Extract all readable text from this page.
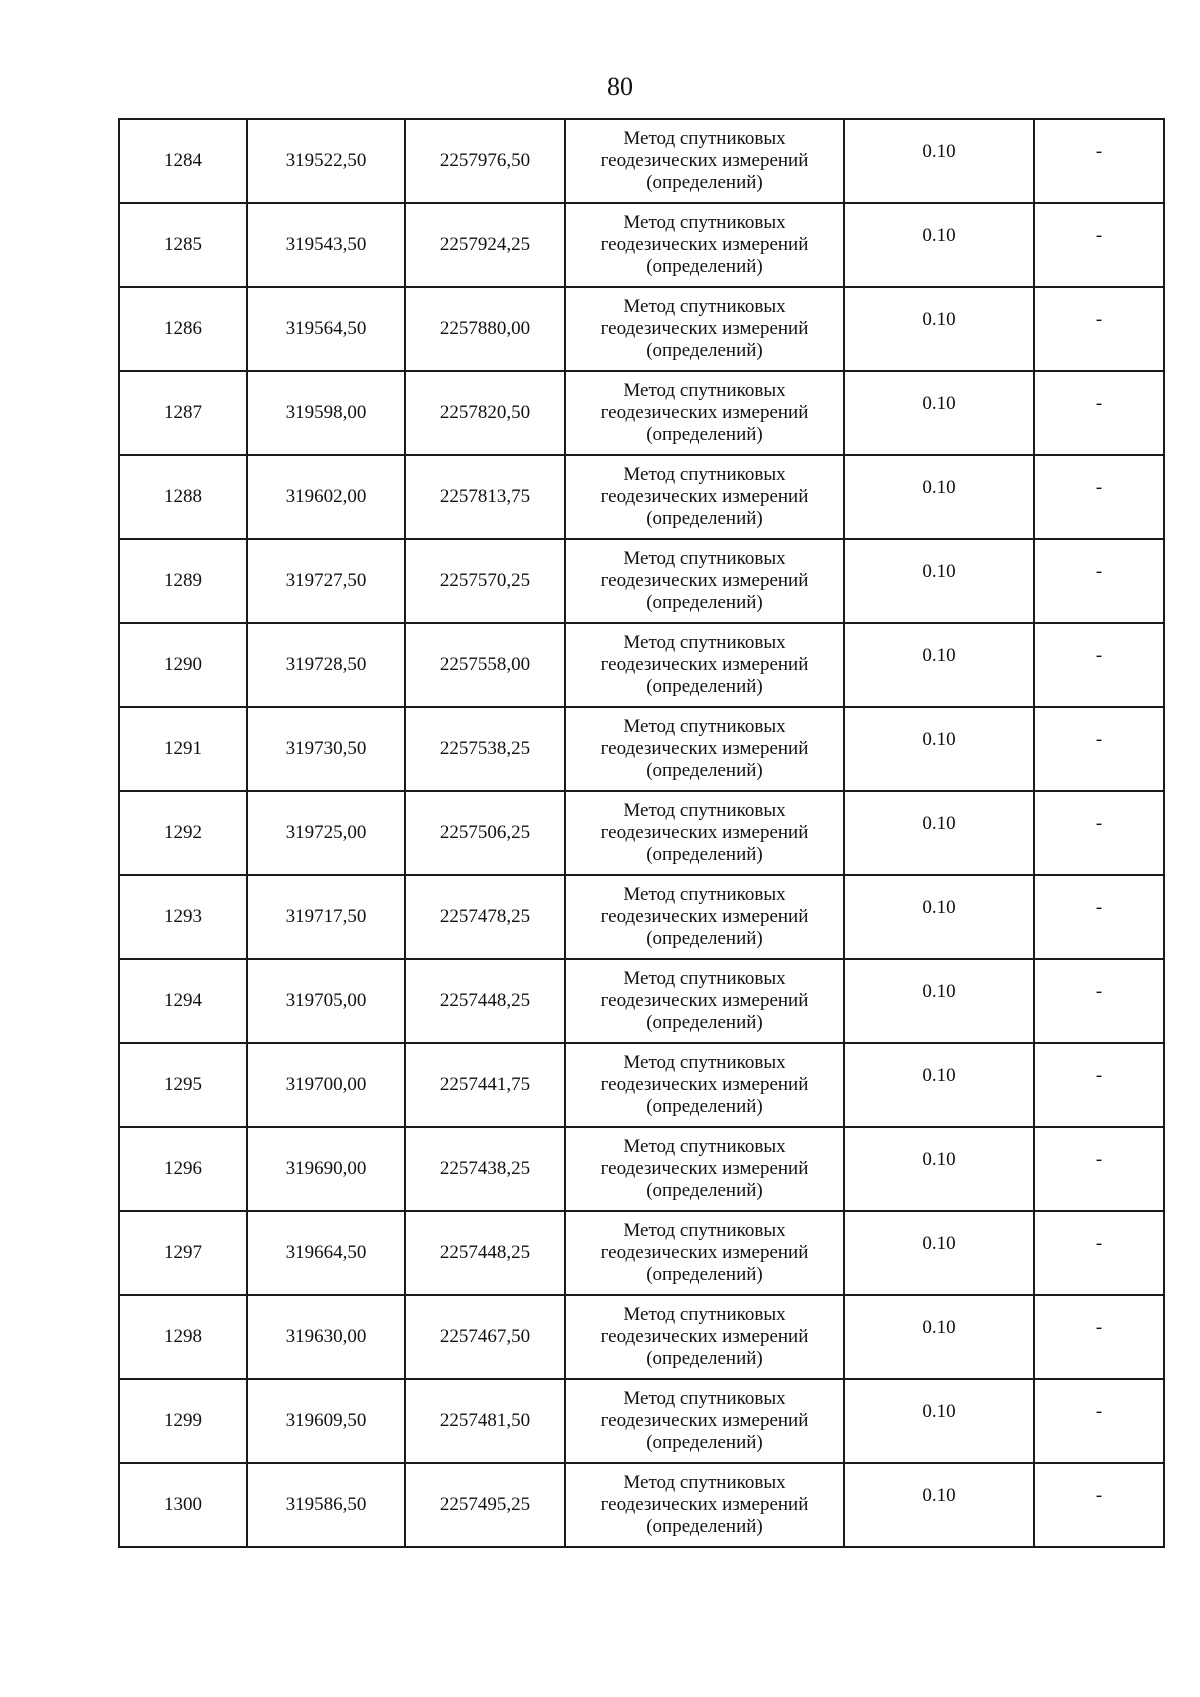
80
1284	319522,50	2257976,50	Метод спутниковых
геодезических измерений
(определений)	0.10	-

1285	319543,50	2257924,25	Метод спутниковых
геодезических измерений
(определений)	0.10	-

1286	319564,50	2257880,00	Метод спутниковых
геодезических измерений
(определений)	0.10	-

1287	319598,00	2257820,50	Метод спутниковых
геодезических измерений
(определений)	0.10	-

1288	319602,00	2257813,75	Метод спутниковых
геодезических измерений
(определений)	0.10	-

1289	319727,50	2257570,25	Метод спутниковых
геодезических измерений
(определений)	0.10	-

1290	319728,50	2257558,00	Метод спутниковых
геодезических измерений
(определений)	0.10	-

1291	319730,50	2257538,25	Метод спутниковых
геодезических измерений
(определений)	0.10	-

1292	319725,00	2257506,25	Метод спутниковых
геодезических измерений
(определений)	0.10	-

1293	319717,50	2257478,25	Метод спутниковых
геодезических измерений
(определений)	0.10	-

1294	319705,00	2257448,25	Метод спутниковых
геодезических измерений
(определений)	0.10	-

1295	319700,00	2257441,75	Метод спутниковых
геодезических измерений
(определений)	0.10	-

1296	319690,00	2257438,25	Метод спутниковых
геодезических измерений
(определений)	0.10	-

1297	319664,50	2257448,25	Метод спутниковых
геодезических измерений
(определений)	0.10	-

1298	319630,00	2257467,50	Метод спутниковых
геодезических измерений
(определений)	0.10	-

1299	319609,50	2257481,50	Метод спутниковых
геодезических измерений
(определений)	0.10	-

1300	319586,50	2257495,25	Метод спутниковых
геодезических измерений
(определений)	0.10	-
